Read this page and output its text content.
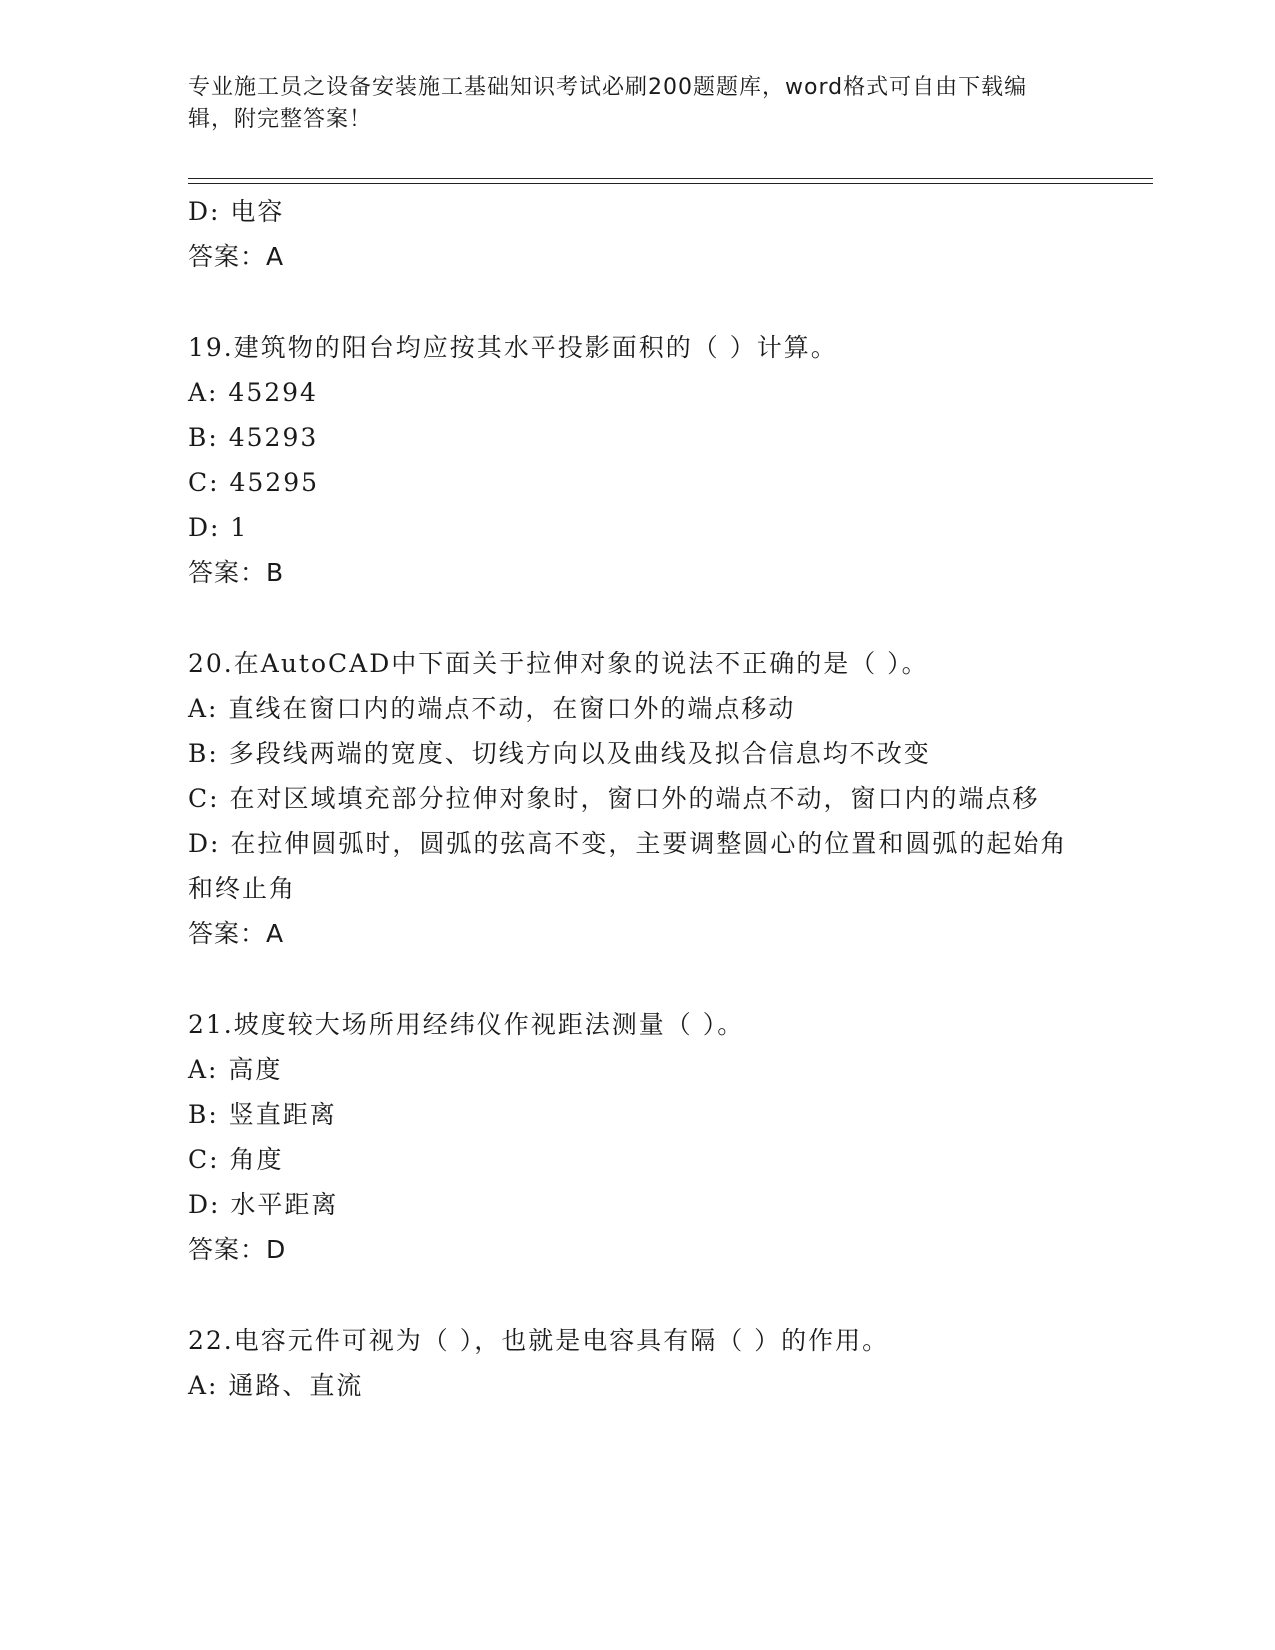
专业施工员之设备安装施工基础知识考试必刷200题题库，word格式可自由下载编辑，附完整答案！
D: 电容
答案：A
19.建筑物的阳台均应按其水平投影面积的（ ）计算。
A: 45294
B: 45293
C: 45295
D: 1
答案：B
20.在AutoCAD中下面关于拉伸对象的说法不正确的是（ ）。
A: 直线在窗口内的端点不动，在窗口外的端点移动
B: 多段线两端的宽度、切线方向以及曲线及拟合信息均不改变
C: 在对区域填充部分拉伸对象时，窗口外的端点不动，窗口内的端点移
D: 在拉伸圆弧时，圆弧的弦高不变，主要调整圆心的位置和圆弧的起始角和终止角
答案：A
21.坡度较大场所用经纬仪作视距法测量（ ）。
A: 高度
B: 竖直距离
C: 角度
D: 水平距离
答案：D
22.电容元件可视为（ ），也就是电容具有隔（ ）的作用。
A: 通路、直流
